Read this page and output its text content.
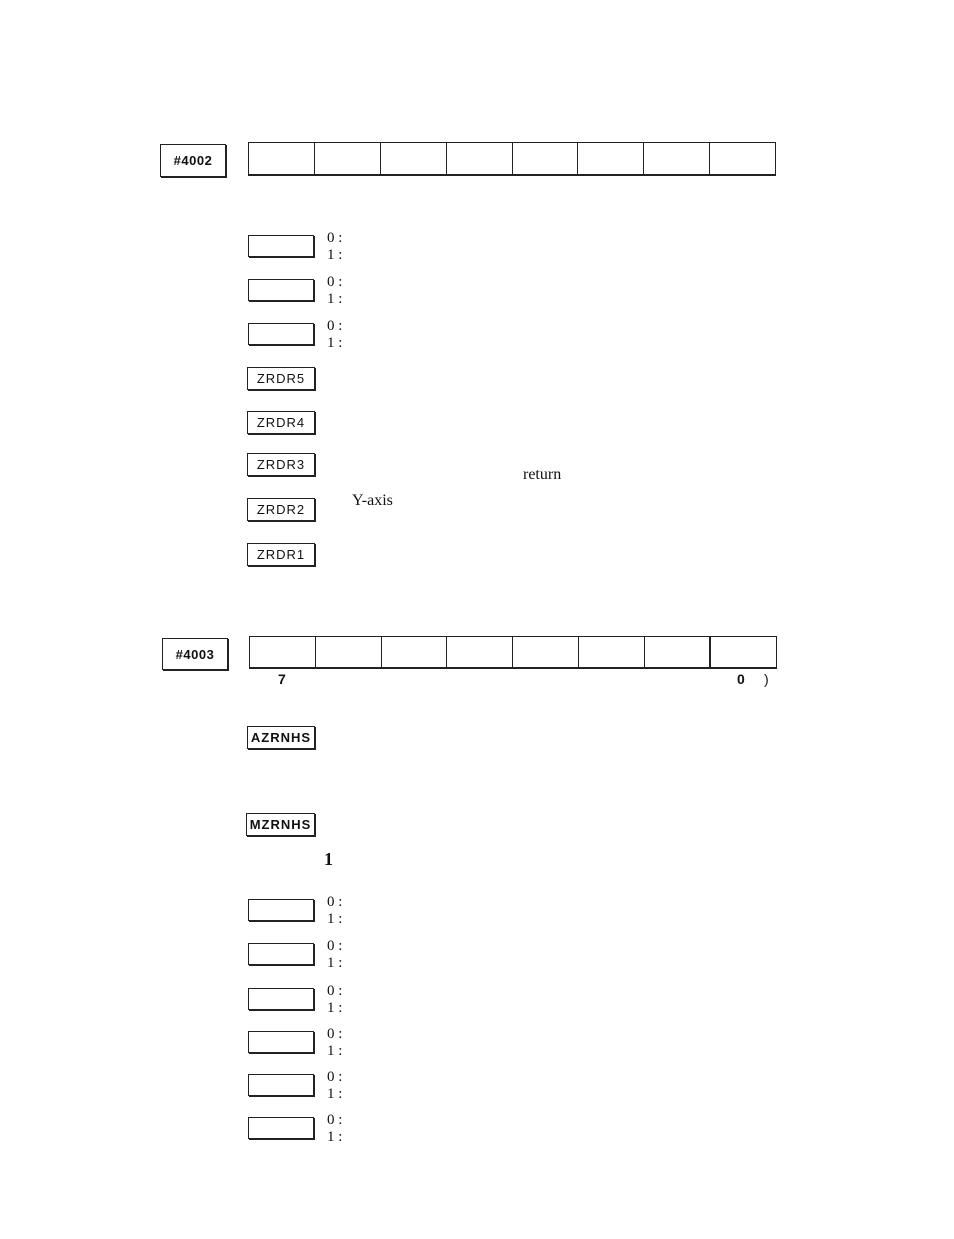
#4002
0 :
1 :
0 :
1 :
0 :
1 :
ZRDR5
ZRDR4
ZRDR3
ZRDR2
ZRDR1
return
Y-axis
#4003
7	0 )
AZRNHS
MZRNHS
1
0 :
1 :
0 :
1 :
0 :
1 :
0 :
1 :
0 :
1 :
0 :
1 :
